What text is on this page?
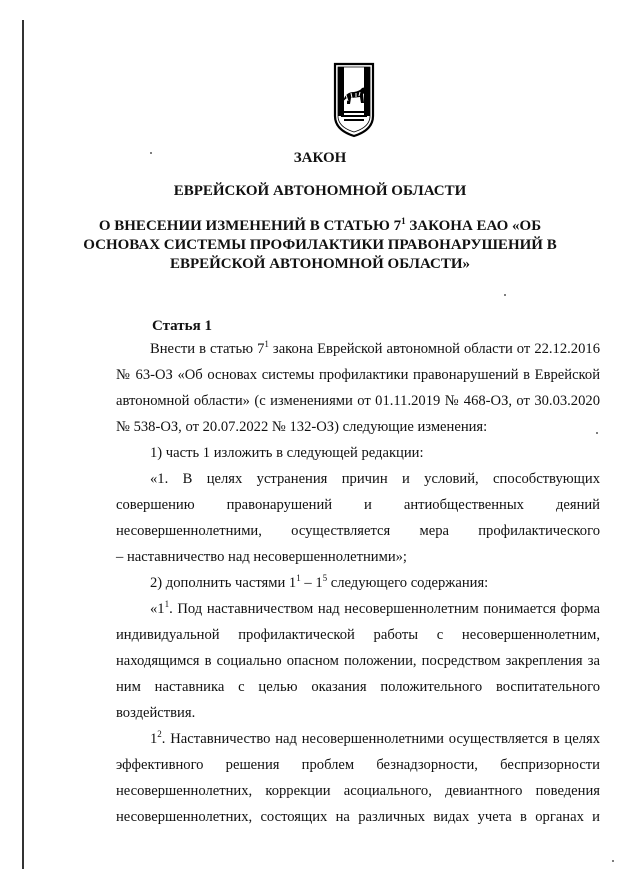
ЗАКОН
ЕВРЕЙСКОЙ АВТОНОМНОЙ ОБЛАСТИ
О ВНЕСЕНИИ ИЗМЕНЕНИЙ В СТАТЬЮ $7^1$ ЗАКОНА ЕАО «ОБ
ОСНОВАХ СИСТЕМЫ ПРОФИЛАКТИКИ ПРАВОНАРУШЕНИЙ В
ЕВРЕЙСКОЙ АВТОНОМНОЙ ОБЛАСТИ»
Статья 1
Внести в статью $7^1$ закона Еврейской автономной области от 22.12.2016
№ 63-ОЗ «Об основах системы профилактики правонарушений в Еврейской
автономной области» (с изменениями от 01.11.2019 № 468-ОЗ, от 30.03.2020
№ 538-ОЗ, от 20.07.2022 № 132-ОЗ) следующие изменения:
1) часть 1 изложить в следующей редакции:
«1. В целях устранения причин и условий, способствующих
совершению правонарушений и антиобщественных деяний
несовершеннолетними, осуществляется мера профилактического
– наставничество над несовершеннолетними»;
2) дополнить частями $1^1 - 1^5$ следующего содержания:
«$1^1$. Под наставничеством над несовершеннолетним понимается форма
индивидуальной профилактической работы с несовершеннолетним,
находящимся в социально опасном положении, посредством закрепления за
ним наставника с целью оказания положительного воспитательного
воздействия.
$1^2$. Наставничество над несовершеннолетними осуществляется в целях
эффективного решения проблем безнадзорности, беспризорности
несовершеннолетних, коррекции асоциального, девиантного поведения
несовершеннолетних, состоящих на различных видах учета в органах и
